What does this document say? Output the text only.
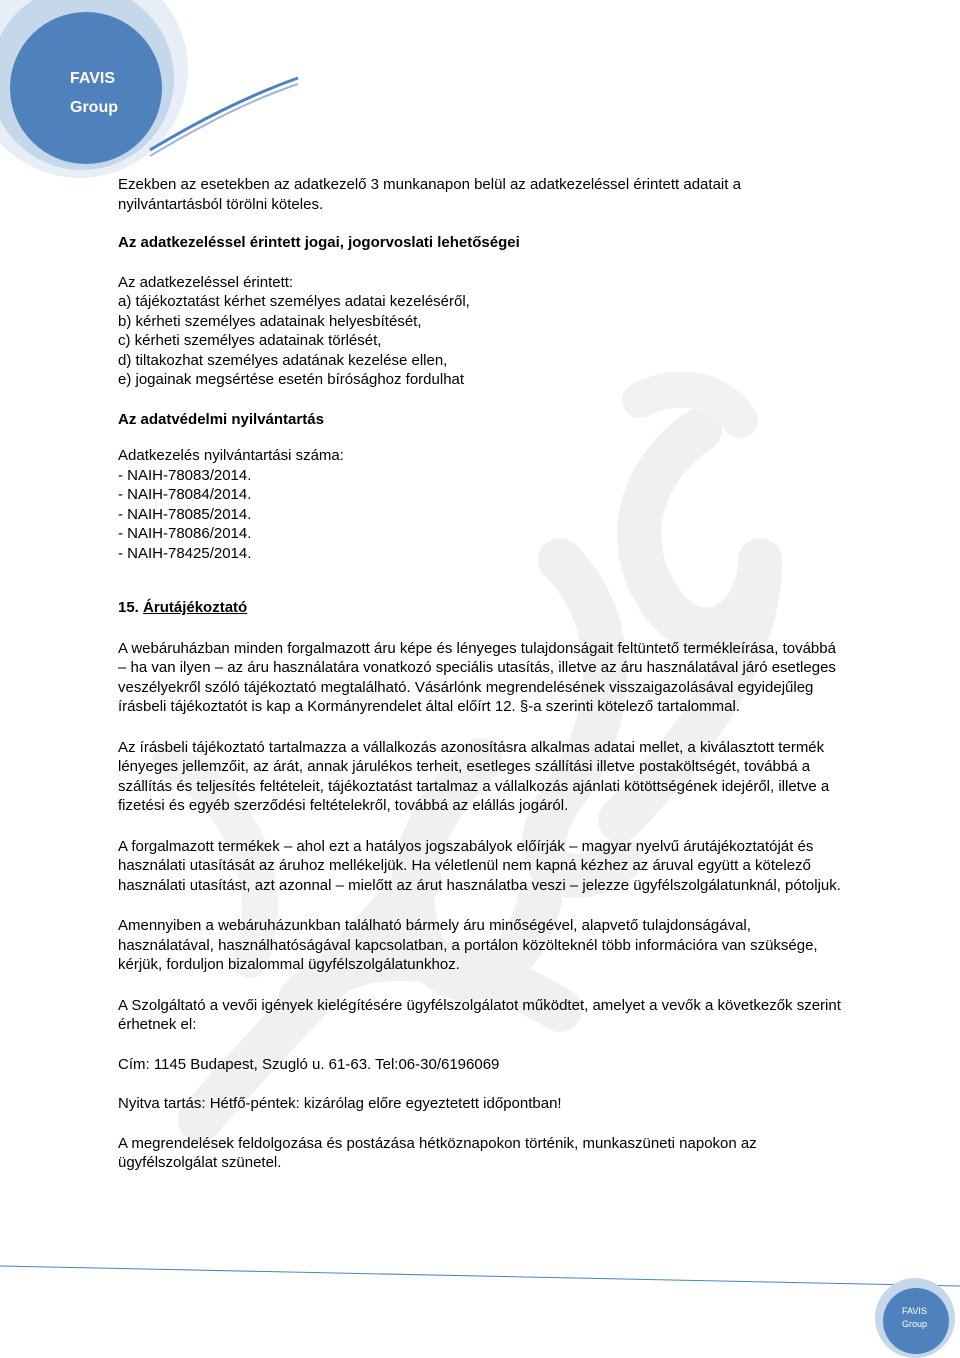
FAVIS
Group
FAVIS
Group

Ezekben az esetekben az adatkezelő 3 munkanapon belül az adatkezeléssel érintett adatait a nyilvántartásból törölni köteles.

Az adatkezeléssel érintett jogai, jogorvoslati lehetőségei

Az adatkezeléssel érintett:

a) tájékoztatást kérhet személyes adatai kezeléséről,

b) kérheti személyes adatainak helyesbítését,

c) kérheti személyes adatainak törlését,

d) tiltakozhat személyes adatának kezelése ellen,

e) jogainak megsértése esetén bírósághoz fordulhat

Az adatvédelmi nyilvántartás

Adatkezelés nyilvántartási száma:

- NAIH-78083/2014.

- NAIH-78084/2014.

- NAIH-78085/2014.

- NAIH-78086/2014.

- NAIH-78425/2014.

15. Árutájékoztató

A webáruházban minden forgalmazott áru képe és lényeges tulajdonságait feltüntető termékleírása, továbbá – ha van ilyen – az áru használatára vonatkozó speciális utasítás, illetve az áru használatával járó esetleges veszélyekről szóló tájékoztató megtalálható. Vásárlónk megrendelésének visszaigazolásával egyidejűleg írásbeli tájékoztatót is kap a Kormányrendelet által előírt 12. §-a szerinti kötelező tartalommal.

Az írásbeli tájékoztató tartalmazza a vállalkozás azonosításra alkalmas adatai mellet, a kiválasztott termék lényeges jellemzőit, az árát, annak járulékos terheit, esetleges szállítási illetve postaköltségét, továbbá a szállítás és teljesítés feltételeit, tájékoztatást tartalmaz a vállalkozás ajánlati kötöttségének idejéről, illetve a fizetési és egyéb szerződési feltételekről, továbbá az elállás jogáról.

A forgalmazott termékek – ahol ezt a hatályos jogszabályok előírják – magyar nyelvű árutájékoztatóját és használati utasítását az áruhoz mellékeljük. Ha véletlenül nem kapná kézhez az áruval együtt a kötelező használati utasítást, azt azonnal – mielőtt az árut használatba veszi – jelezze ügyfélszolgálatunknál, pótoljuk.

Amennyiben a webáruházunkban található bármely áru minőségével, alapvető tulajdonságával, használatával, használhatóságával kapcsolatban, a portálon közölteknél több információra van szüksége, kérjük, forduljon bizalommal ügyfélszolgálatunkhoz.

A Szolgáltató a vevői igények kielégítésére ügyfélszolgálatot működtet, amelyet a vevők a következők szerint érhetnek el:

Cím: 1145 Budapest, Szugló u. 61-63. Tel:06-30/6196069

Nyitva tartás: Hétfő-péntek: kizárólag előre egyeztetett időpontban!

A megrendelések feldolgozása és postázása hétköznapokon történik, munkaszüneti napokon az ügyfélszolgálat szünetel.
